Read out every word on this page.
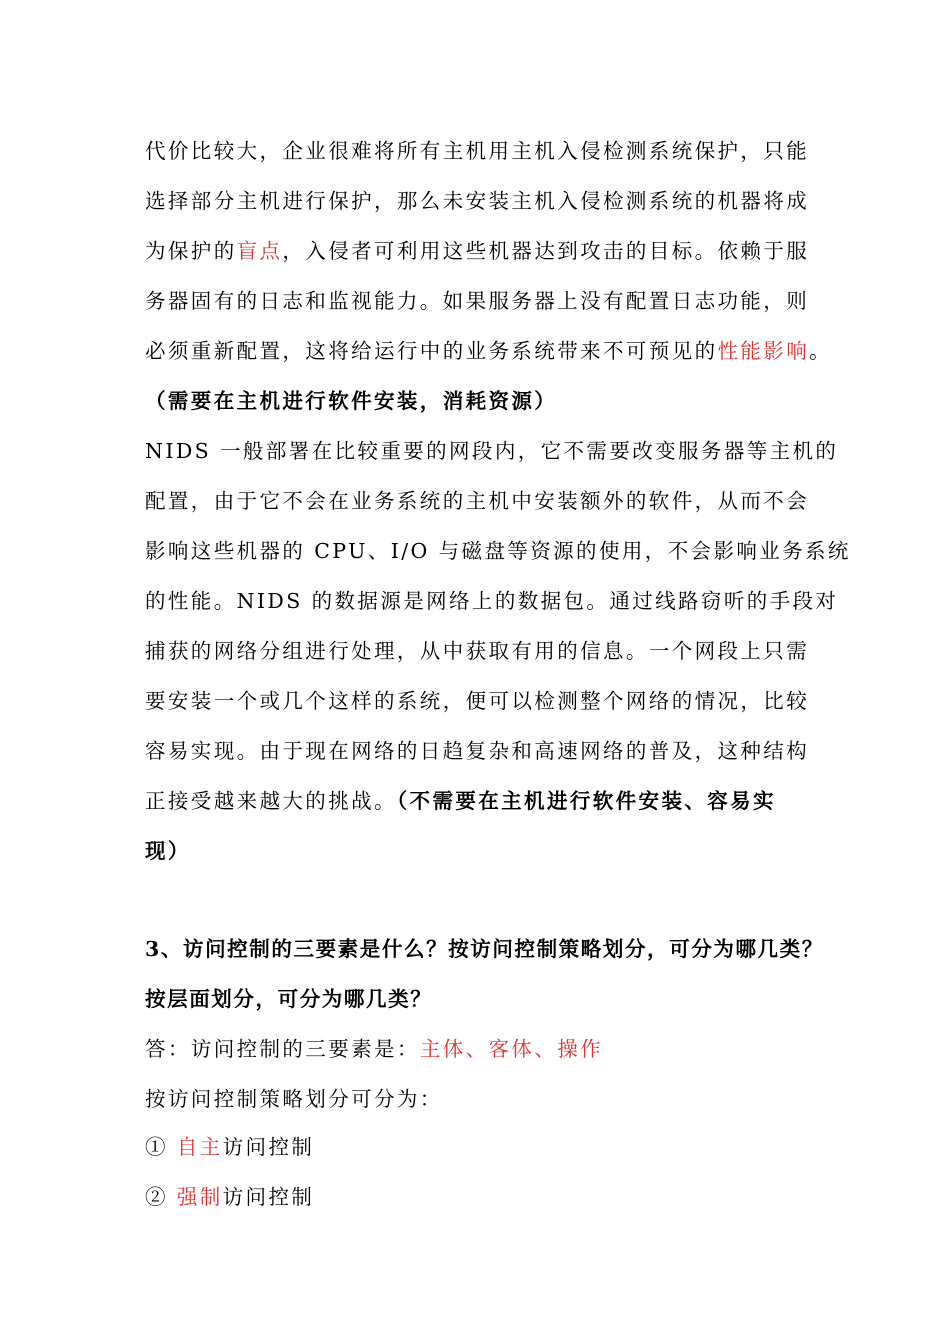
代价比较大，企业很难将所有主机用主机入侵检测系统保护，只能
选择部分主机进行保护，那么未安装主机入侵检测系统的机器将成
为保护的盲点，入侵者可利用这些机器达到攻击的目标。依赖于服
务器固有的日志和监视能力。如果服务器上没有配置日志功能，则
必须重新配置，这将给运行中的业务系统带来不可预见的性能影响。
（需要在主机进行软件安装，消耗资源）
NIDS 一般部署在比较重要的网段内，它不需要改变服务器等主机的
配置，由于它不会在业务系统的主机中安装额外的软件，从而不会
影响这些机器的 CPU、I/O 与磁盘等资源的使用，不会影响业务系统
的性能。NIDS 的数据源是网络上的数据包。通过线路窃听的手段对
捕获的网络分组进行处理，从中获取有用的信息。一个网段上只需
要安装一个或几个这样的系统，便可以检测整个网络的情况，比较
容易实现。由于现在网络的日趋复杂和高速网络的普及，这种结构
正接受越来越大的挑战。（不需要在主机进行软件安装、容易实
现）
3、访问控制的三要素是什么？按访问控制策略划分，可分为哪几类？
按层面划分，可分为哪几类？
答：访问控制的三要素是：主体、客体、操作
按访问控制策略划分可分为：
① 自主访问控制
② 强制访问控制
